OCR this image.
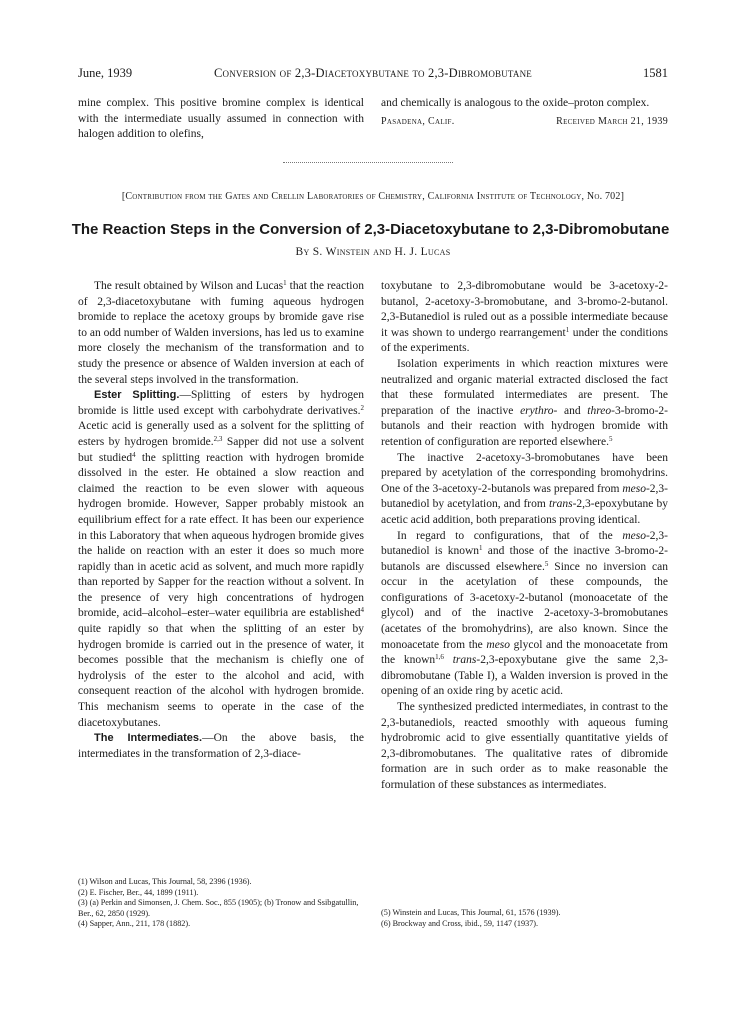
June, 1939	Conversion of 2,3-Diacetoxybutane to 2,3-Dibromobutane	1581

mine complex. This positive bromine complex is identical with the intermediate usually assumed in connection with halogen addition to olefins,

and chemically is analogous to the oxide–proton complex.

Pasadena, Calif.	Received March 21, 1939
[Contribution from the Gates and Crellin Laboratories of Chemistry, California Institute of Technology, No. 702]
The Reaction Steps in the Conversion of 2,3-Diacetoxybutane to 2,3-Dibromobutane
By S. Winstein and H. J. Lucas

The result obtained by Wilson and Lucas$^1$ that the reaction of 2,3-diacetoxybutane with fuming aqueous hydrogen bromide to replace the acetoxy groups by bromide gave rise to an odd number of Walden inversions, has led us to examine more closely the mechanism of the transformation and to study the presence or absence of Walden inversion at each of the several steps involved in the transformation.

Ester Splitting.—Splitting of esters by hydrogen bromide is little used except with carbohydrate derivatives.$^2$ Acetic acid is generally used as a solvent for the splitting of esters by hydrogen bromide.$^{2,3}$ Sapper did not use a solvent but studied$^4$ the splitting reaction with hydrogen bromide dissolved in the ester. He obtained a slow reaction and claimed the reaction to be even slower with aqueous hydrogen bromide. However, Sapper probably mistook an equilibrium effect for a rate effect. It has been our experience in this Laboratory that when aqueous hydrogen bromide gives the halide on reaction with an ester it does so much more rapidly than in acetic acid as solvent, and much more rapidly than reported by Sapper for the reaction without a solvent. In the presence of very high concentrations of hydrogen bromide, acid–alcohol–ester–water equilibria are established$^4$ quite rapidly so that when the splitting of an ester by hydrogen bromide is carried out in the presence of water, it becomes possible that the mechanism is chiefly one of hydrolysis of the ester to the alcohol and acid, with consequent reaction of the alcohol with hydrogen bromide. This mechanism seems to operate in the case of the diacetoxybutanes.

The Intermediates.—On the above basis, the intermediates in the transformation of 2,3-diace-

toxybutane to 2,3-dibromobutane would be 3-acetoxy-2-butanol, 2-acetoxy-3-bromobutane, and 3-bromo-2-butanol. 2,3-Butanediol is ruled out as a possible intermediate because it was shown to undergo rearrangement$^1$ under the conditions of the experiments.

Isolation experiments in which reaction mixtures were neutralized and organic material extracted disclosed the fact that these formulated intermediates are present. The preparation of the inactive erythro- and threo-3-bromo-2-butanols and their reaction with hydrogen bromide with retention of configuration are reported elsewhere.$^5$

The inactive 2-acetoxy-3-bromobutanes have been prepared by acetylation of the corresponding bromohydrins. One of the 3-acetoxy-2-butanols was prepared from meso-2,3-butanediol by acetylation, and from trans-2,3-epoxybutane by acetic acid addition, both preparations proving identical.

In regard to configurations, that of the meso-2,3-butanediol is known$^1$ and those of the inactive 3-bromo-2-butanols are discussed elsewhere.$^5$ Since no inversion can occur in the acetylation of these compounds, the configurations of 3-acetoxy-2-butanol (monoacetate of the glycol) and of the inactive 2-acetoxy-3-bromobutanes (acetates of the bromohydrins), are also known. Since the monoacetate from the meso glycol and the monoacetate from the known$^{1,6}$ trans-2,3-epoxybutane give the same 2,3-dibromobutane (Table I), a Walden inversion is proved in the opening of an oxide ring by acetic acid.

The synthesized predicted intermediates, in contrast to the 2,3-butanediols, reacted smoothly with aqueous fuming hydrobromic acid to give essentially quantitative yields of 2,3-dibromobutanes. The qualitative rates of dibromide formation are in such order as to make reasonable the formulation of these substances as intermediates.

(1) Wilson and Lucas, This Journal, 58, 2396 (1936).

(2) E. Fischer, Ber., 44, 1899 (1911).

(3) (a) Perkin and Simonsen, J. Chem. Soc., 855 (1905); (b) Tronow and Ssibgatullin, Ber., 62, 2850 (1929).

(4) Sapper, Ann., 211, 178 (1882).

(5) Winstein and Lucas, This Journal, 61, 1576 (1939).

(6) Brockway and Cross, ibid., 59, 1147 (1937).
